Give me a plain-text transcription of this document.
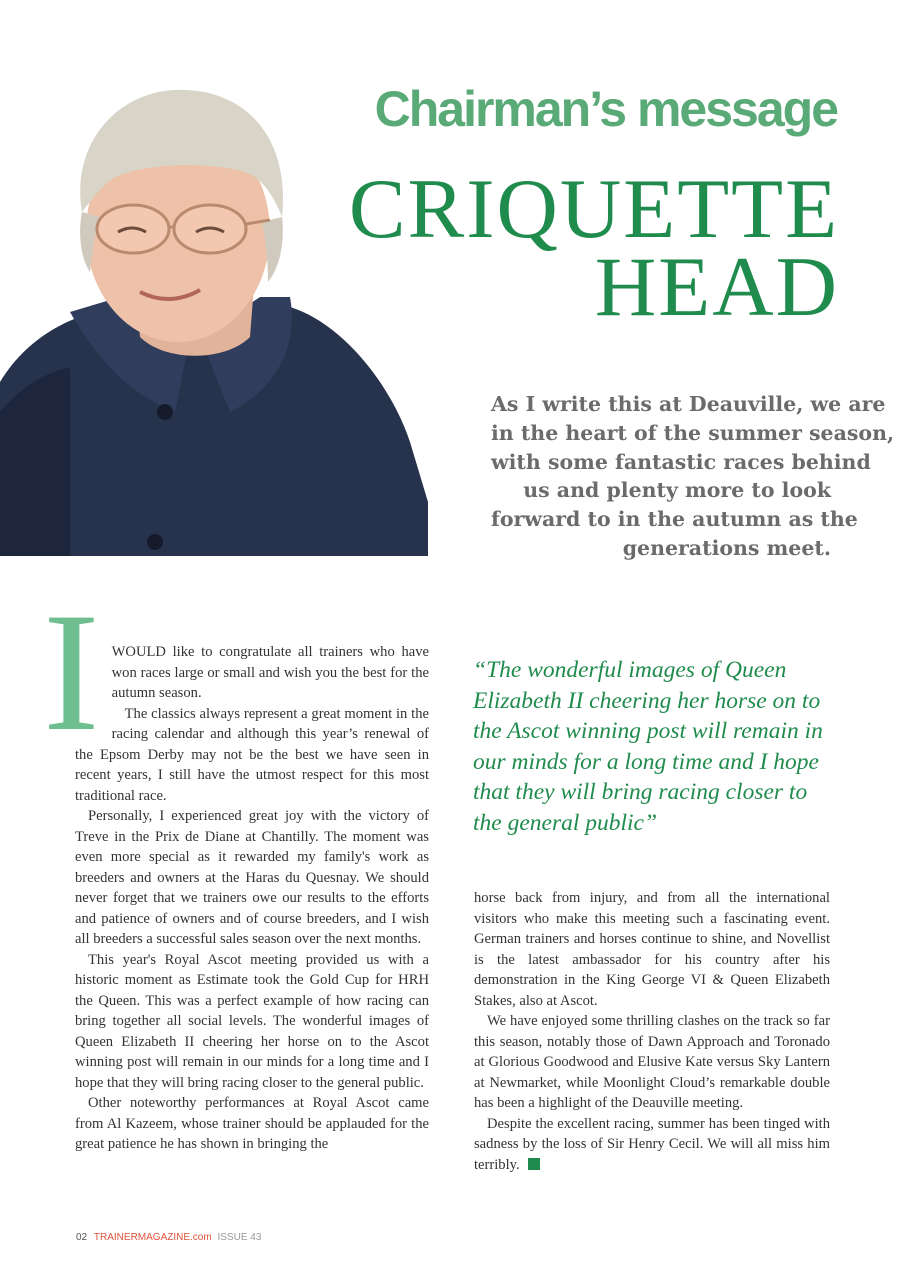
Chairman’s message
CRIQUETTE
HEAD
As I write this at Deauville, we are
in the heart of the summer season,
with some fantastic races behind
us and plenty more to look
forward to in the autumn as the
generations meet.
I WOULD like to congratulate all trainers who have won races large or small and wish you the best for the autumn season.

The classics always represent a great moment in the racing calendar and although this year’s renewal of the Epsom Derby may not be the best we have seen in recent years, I still have the utmost respect for this most traditional race.

Personally, I experienced great joy with the victory of Treve in the Prix de Diane at Chantilly. The moment was even more special as it rewarded my family's work as breeders and owners at the Haras du Quesnay. We should never forget that we trainers owe our results to the efforts and patience of owners and of course breeders, and I wish all breeders a successful sales season over the next months.

This year's Royal Ascot meeting provided us with a historic moment as Estimate took the Gold Cup for HRH the Queen. This was a perfect example of how racing can bring together all social levels. The wonderful images of Queen Elizabeth II cheering her horse on to the Ascot winning post will remain in our minds for a long time and I hope that they will bring racing closer to the general public.

Other noteworthy performances at Royal Ascot came from Al Kazeem, whose trainer should be applauded for the great patience he has shown in bringing the

“The wonderful images of Queen
Elizabeth II cheering her horse on to
the Ascot winning post will remain in
our minds for a long time and I hope
that they will bring racing closer to
the general public”

horse back from injury, and from all the international visitors who make this meeting such a fascinating event. German trainers and horses continue to shine, and Novellist is the latest ambassador for his country after his demonstration in the King George VI & Queen Elizabeth Stakes, also at Ascot.

We have enjoyed some thrilling clashes on the track so far this season, notably those of Dawn Approach and Toronado at Glorious Goodwood and Elusive Kate versus Sky Lantern at Newmarket, while Moonlight Cloud’s remarkable double has been a highlight of the Deauville meeting.

Despite the excellent racing, summer has been tinged with sadness by the loss of Sir Henry Cecil. We will all miss him terribly.

02 TRAINERMAGAZINE.com ISSUE 43
